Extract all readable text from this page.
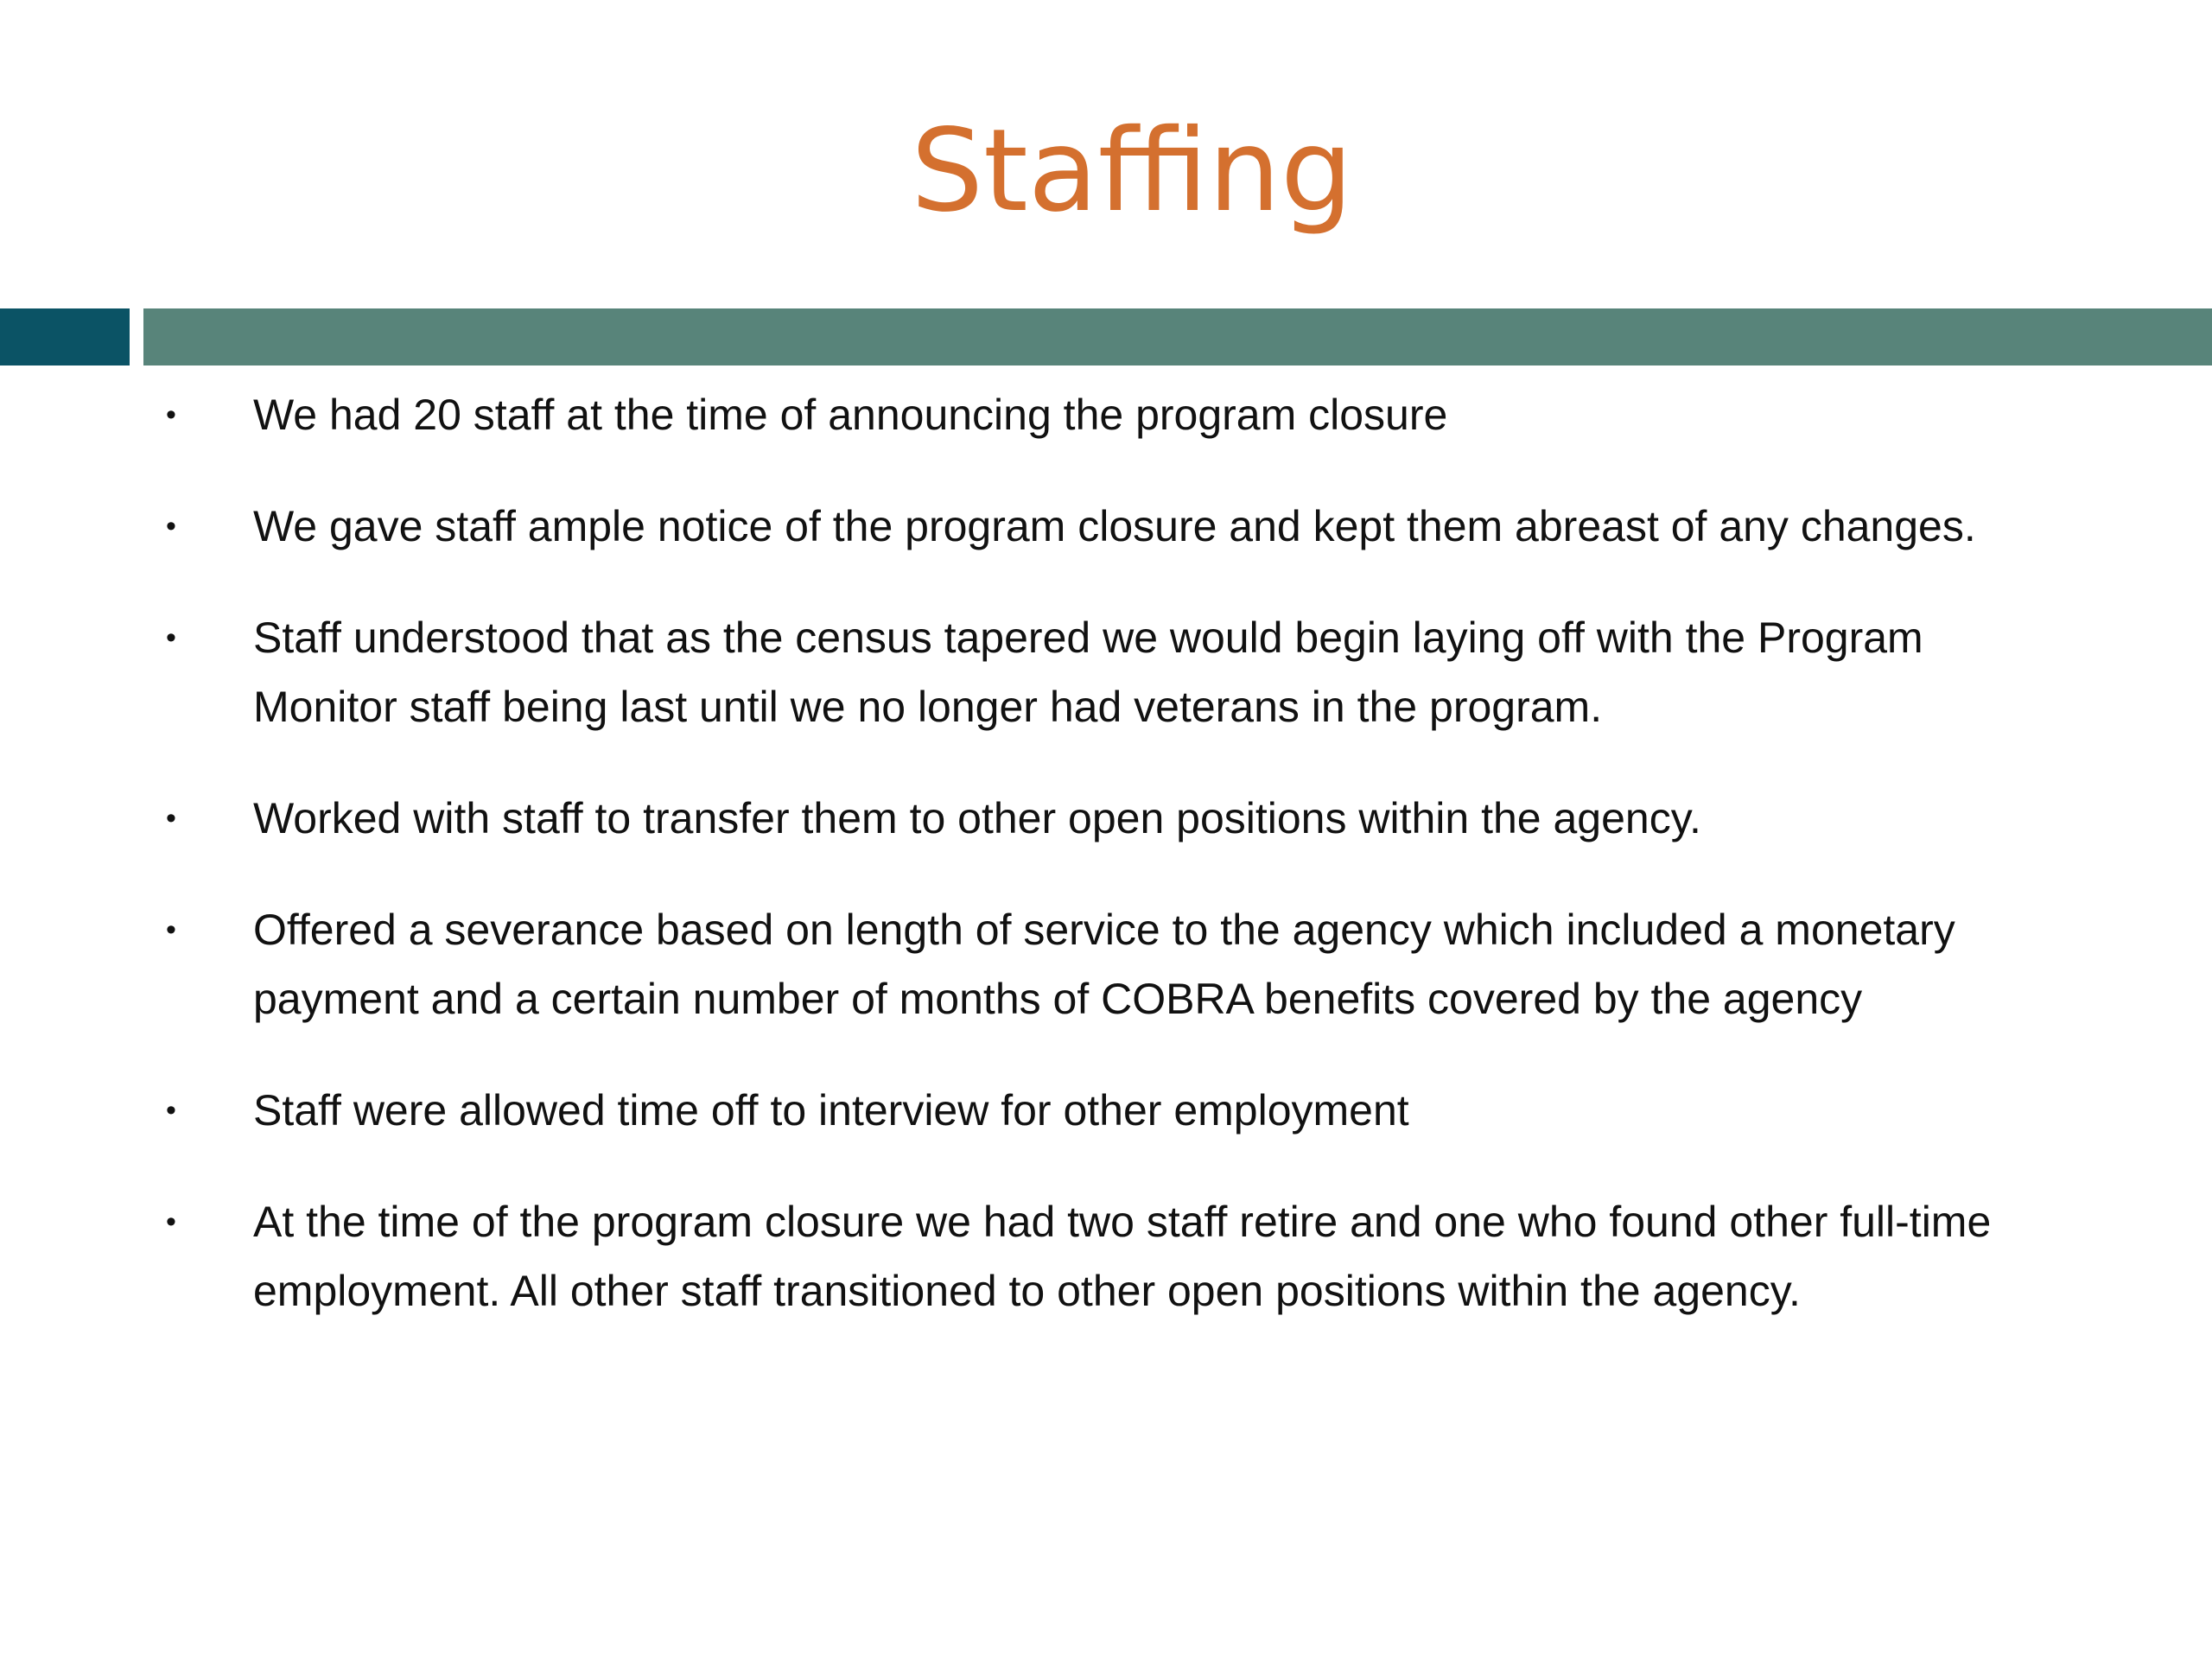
Staffing
• We had 20 staff at the time of announcing the program closure
• We gave staff ample notice of the program closure and kept them abreast of any changes.
• Staff understood that as the census tapered we would begin laying off with the Program Monitor staff being last until we no longer had veterans in the program.
• Worked with staff to transfer them to other open positions within the agency.
• Offered a severance based on length of service to the agency which included a monetary payment and a certain number of months of COBRA benefits covered by the agency
• Staff were allowed time off to interview for other employment
• At the time of the program closure we had two staff retire and one who found other full-time employment. All other staff transitioned to other open positions within the agency.
